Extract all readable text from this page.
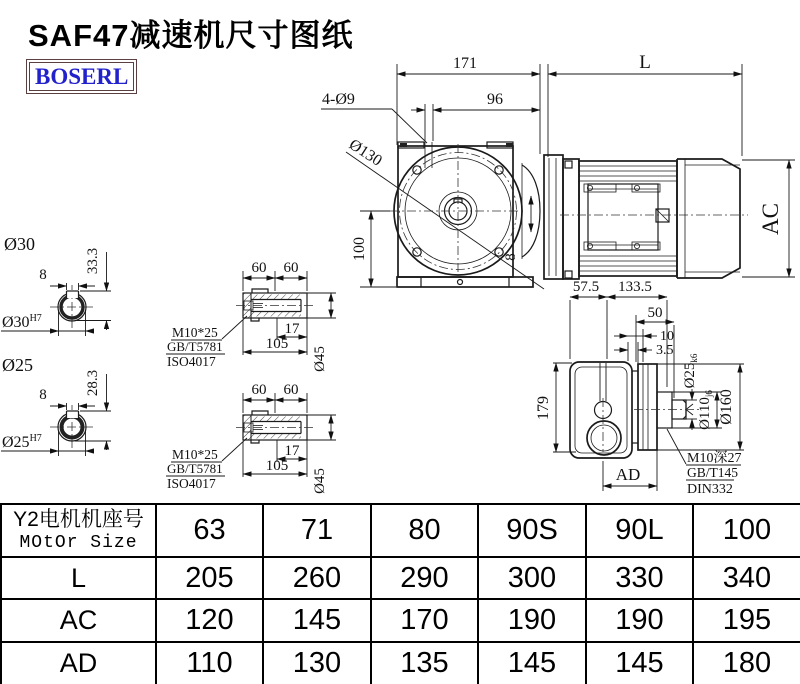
SAF47减速机尺寸图纸
BOSERL
171	L
96
4-Ø9
Ø130
100	8
AC
57.5 133.5
Ø30
8
33.3
$Ø30^{H7}$
Ø25
8	28.3
$Ø25^{H7}$
60 60
17
105
Ø45
M10*25
GB/T5781
ISO4017
179
50
10
3.5
$Ø25_{k6}$
$Ø110_{j6}$ Ø160
AD
M10深27
GB/T145
DIN332
Y2电机机座号
MOtOr Size	63	71	80	90S	90L	100
L	205	260	290	300	330	340
AC	120	145	170	190	190	195
AD	110	130	135	145	145	180
